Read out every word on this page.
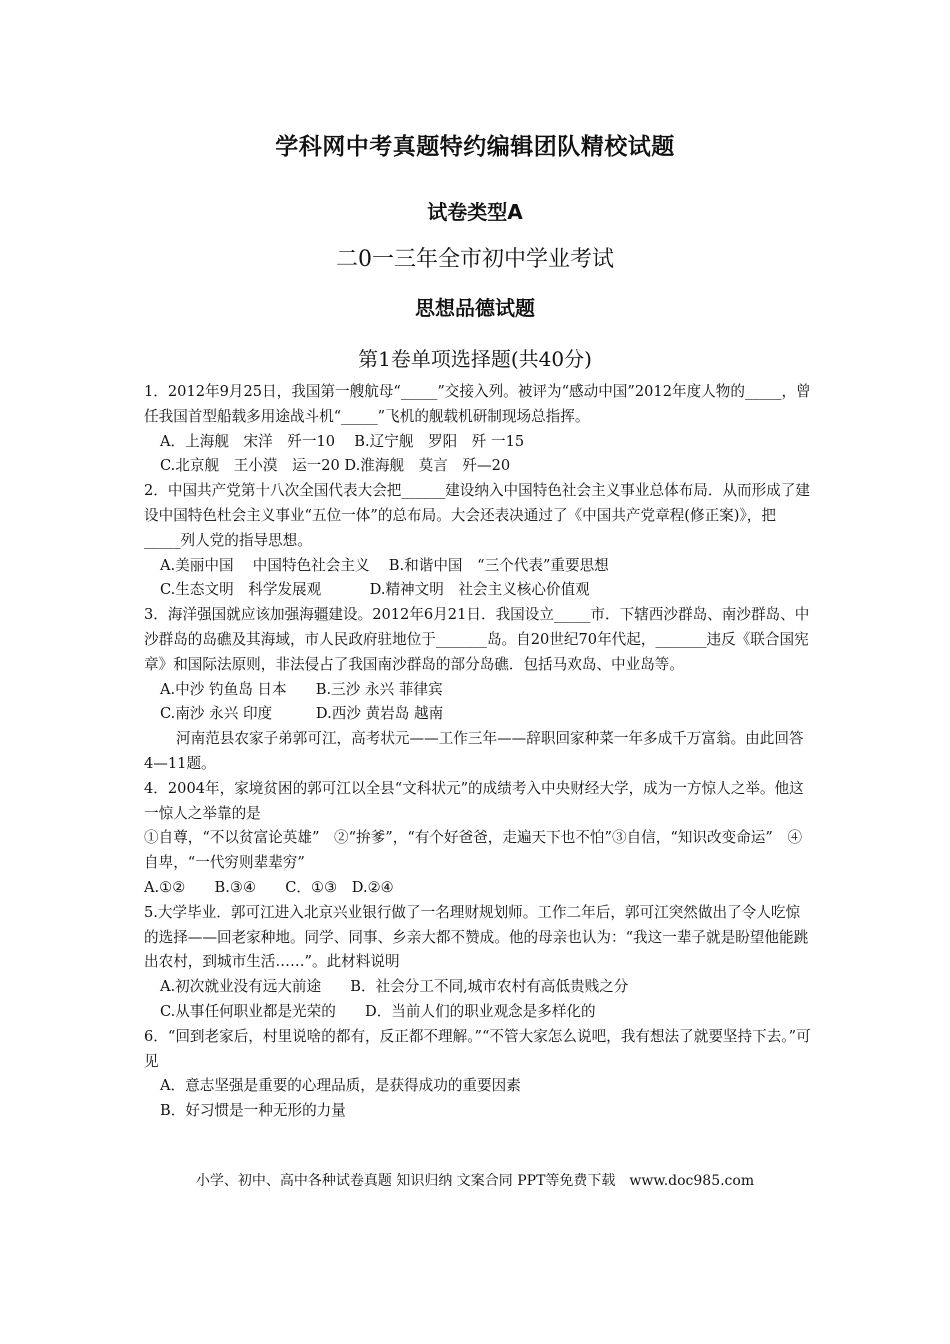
学科网中考真题特约编辑团队精校试题
试卷类型A
二0一三年全市初中学业考试
思想品德试题
第1卷单项选择题(共40分)

1．2012年9月25日，我国第一艘航母“_____”交接入列。被评为“感动中国”2012年度人物的_____，曾任我国首型船载多用途战斗机“_____”飞机的舰载机研制现场总指挥。

A．上海舰　宋洋　歼一10　 B.辽宁舰　罗阳　歼 一15

C.北京舰　王小漠　运一20 D.淮海舰　莫言　歼—20

2．中国共产党第十八次全国代表大会把______建设纳入中国特色社会主义事业总体布局．从而形成了建设中国特色杜会主义事业“五位一体”的总布局。大会还表决通过了《中国共产党章程(修正案)》，把_____列人党的指导思想。

A.美丽中国　 中国特色社会主义　 B.和谐中国　“三个代表”重要思想

C.生态文明　科学发展观　　　 D.精神文明　社会主义核心价值观

3．海洋强国就应该加强海疆建设。2012年6月21日．我国设立_____市．下辖西沙群岛、南沙群岛、中沙群岛的岛礁及其海域，市人民政府驻地位于_______岛。自20世纪70年代起，_______违反《联合国宪章》和国际法原则，非法侵占了我国南沙群岛的部分岛礁．包括马欢岛、中业岛等。

A.中沙 钓鱼岛 日本　　B.三沙 永兴 菲律宾

C.南沙 永兴 印度　　　D.西沙 黄岩岛 越南

河南范县农家子弟郭可江，高考状元——工作三年——辞职回家种菜一年多成千万富翁。由此回答4—11题。

4．2004年，家境贫困的郭可江以全县“文科状元”的成绩考入中央财经大学，成为一方惊人之举。他这一惊人之举靠的是

①自尊，“不以贫富论英雄”　②“拚爹”，“有个好爸爸，走遍天下也不怕”③自信，“知识改变命运”　④自卑，“一代穷则辈辈穷”

A.①②　　B.③④　　C．①③　D.②④

5.大学毕业．郭可江进入北京兴业银行做了一名理财规划师。工作二年后，郭可江突然做出了令人吃惊的选择——回老家种地。同学、同事、乡亲大都不赞成。他的母亲也认为：“我这一辈子就是盼望他能跳出农村，到城市生活……”。此材料说明

A.初次就业没有远大前途　　B．社会分工不同,城市农村有高低贵贱之分

C.从事任何职业都是光荣的　　D．当前人们的职业观念是多样化的

6．“回到老家后，村里说啥的都有，反正都不理解。”“不管大家怎么说吧，我有想法了就要坚持下去。”可见

A．意志坚强是重要的心理品质，是获得成功的重要因素

B．好习惯是一种无形的力量

小学、初中、高中各种试卷真题 知识归纳 文案合同 PPT等免费下载　www.doc985.com
